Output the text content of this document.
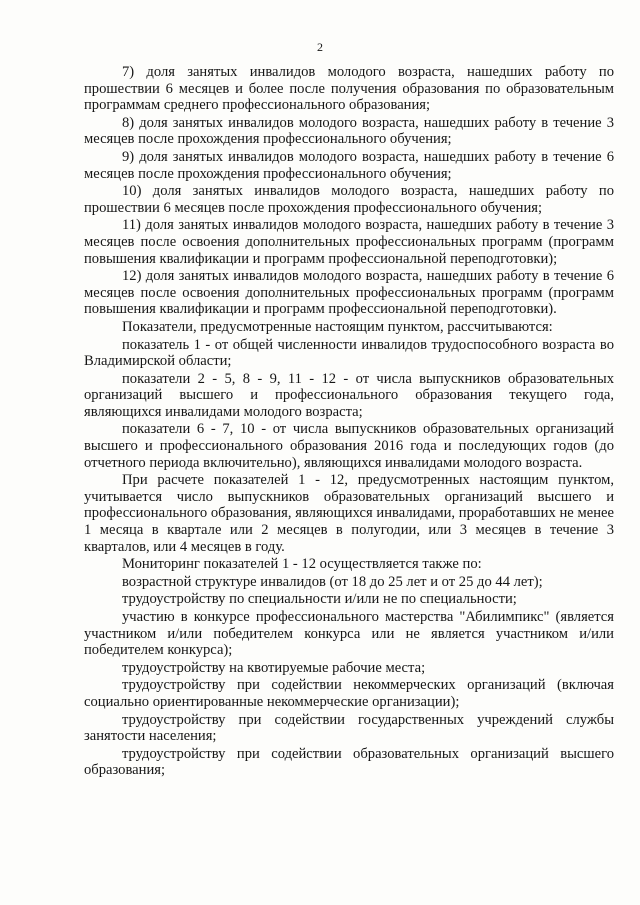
2

7) доля занятых инвалидов молодого возраста, нашедших работу по прошествии 6 месяцев и более после получения образования по образовательным программам среднего профессионального образования;

8) доля занятых инвалидов молодого возраста, нашедших работу в течение 3 месяцев после прохождения профессионального обучения;

9) доля занятых инвалидов молодого возраста, нашедших работу в течение 6 месяцев после прохождения профессионального обучения;

10) доля занятых инвалидов молодого возраста, нашедших работу по прошествии 6 месяцев после прохождения профессионального обучения;

11) доля занятых инвалидов молодого возраста, нашедших работу в течение 3 месяцев после освоения дополнительных профессиональных программ (программ повышения квалификации и программ профессиональной переподготовки);

12) доля занятых инвалидов молодого возраста, нашедших работу в течение 6 месяцев после освоения дополнительных профессиональных программ (программ повышения квалификации и программ профессиональной переподготовки).

Показатели, предусмотренные настоящим пунктом, рассчитываются:

показатель 1 - от общей численности инвалидов трудоспособного возраста во Владимирской области;

показатели 2 - 5, 8 - 9, 11 - 12 - от числа выпускников образовательных организаций высшего и профессионального образования текущего года, являющихся инвалидами молодого возраста;

показатели 6 - 7, 10 - от числа выпускников образовательных организаций высшего и профессионального образования 2016 года и последующих годов (до отчетного периода включительно), являющихся инвалидами молодого возраста.

При расчете показателей 1 - 12, предусмотренных настоящим пунктом, учитывается число выпускников образовательных организаций высшего и профессионального образования, являющихся инвалидами, проработавших не менее 1 месяца в квартале или 2 месяцев в полугодии, или 3 месяцев в течение 3 кварталов, или 4 месяцев в году.

Мониторинг показателей 1 - 12 осуществляется также по:

возрастной структуре инвалидов (от 18 до 25 лет и от 25 до 44 лет);

трудоустройству по специальности и/или не по специальности;

участию в конкурсе профессионального мастерства "Абилимпикс" (является участником и/или победителем конкурса или не является участником и/или победителем конкурса);

трудоустройству на квотируемые рабочие места;

трудоустройству при содействии некоммерческих организаций (включая социально ориентированные некоммерческие организации);

трудоустройству при содействии государственных учреждений службы занятости населения;

трудоустройству при содействии образовательных организаций высшего образования;
